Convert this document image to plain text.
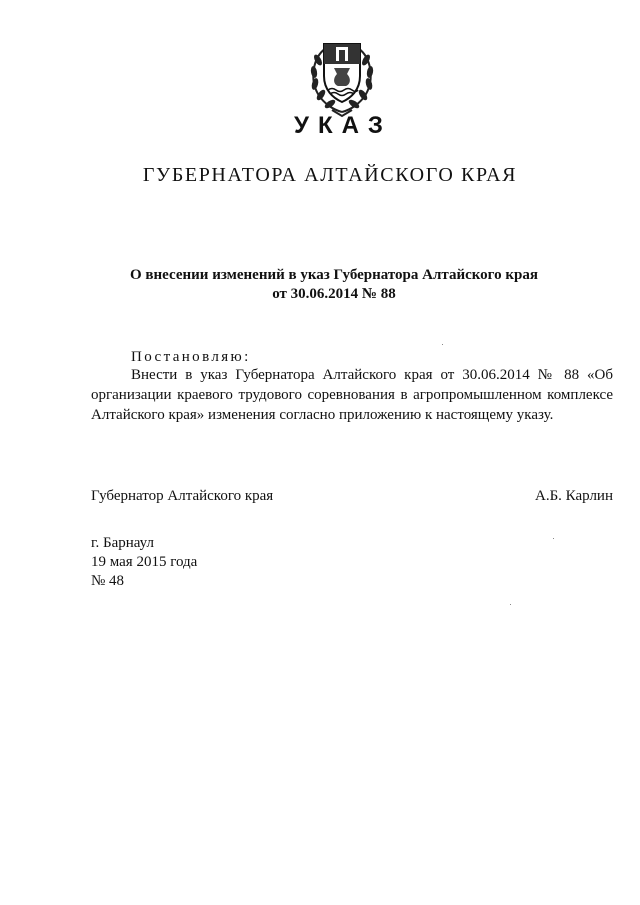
УКАЗ
ГУБЕРНАТОРА АЛТАЙСКОГО КРАЯ
О внесении изменений в указ Губернатора Алтайского края
от 30.06.2014 № 88
Постановляю:
Внести в указ Губернатора Алтайского края от 30.06.2014 № 88 «Об организации краевого трудового соревнования в агропромышленном комплексе Алтайского края» изменения согласно приложению к настоящему указу.
Губернатор Алтайского края	А.Б. Карлин
г. Барнаул
19 мая 2015 года
№ 48
